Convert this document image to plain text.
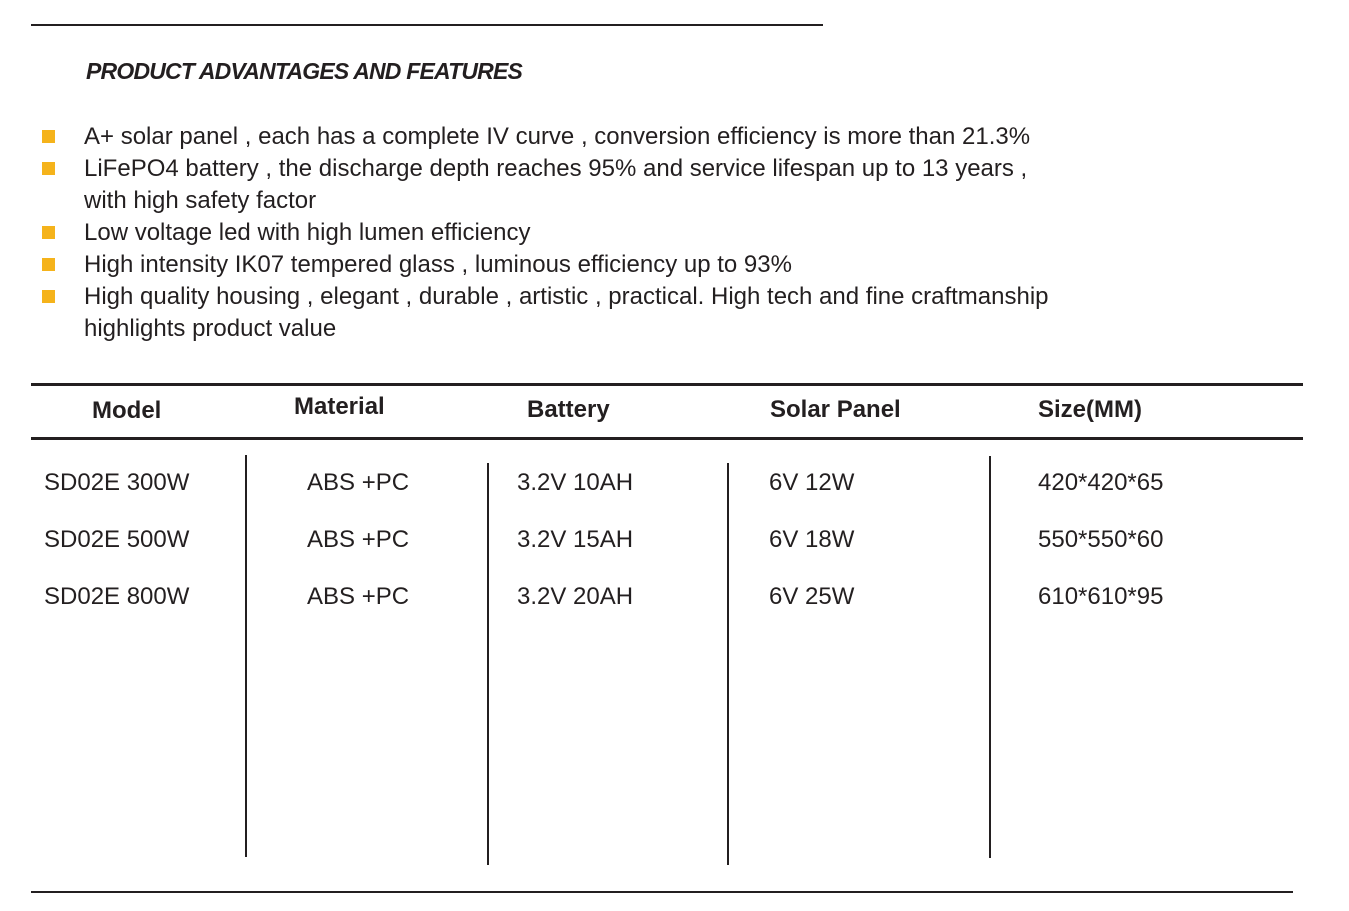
PRODUCT ADVANTAGES AND FEATURES
A+ solar panel , each has a complete IV curve , conversion efficiency is more than 21.3%
LiFePO4 battery , the discharge depth reaches 95% and service lifespan up to 13 years ,
with high safety factor
Low voltage led with high lumen efficiency
High intensity IK07 tempered glass , luminous efficiency up to 93%
High quality housing , elegant , durable , artistic , practical. High tech and fine craftmanship
highlights product value
Model	Material	Battery	Solar Panel	Size(MM)
SD02E 300W	ABS +PC	3.2V 10AH	6V 12W	420*420*65
SD02E 500W	ABS +PC	3.2V 15AH	6V 18W	550*550*60
SD02E 800W	ABS +PC	3.2V 20AH	6V 25W	610*610*95
